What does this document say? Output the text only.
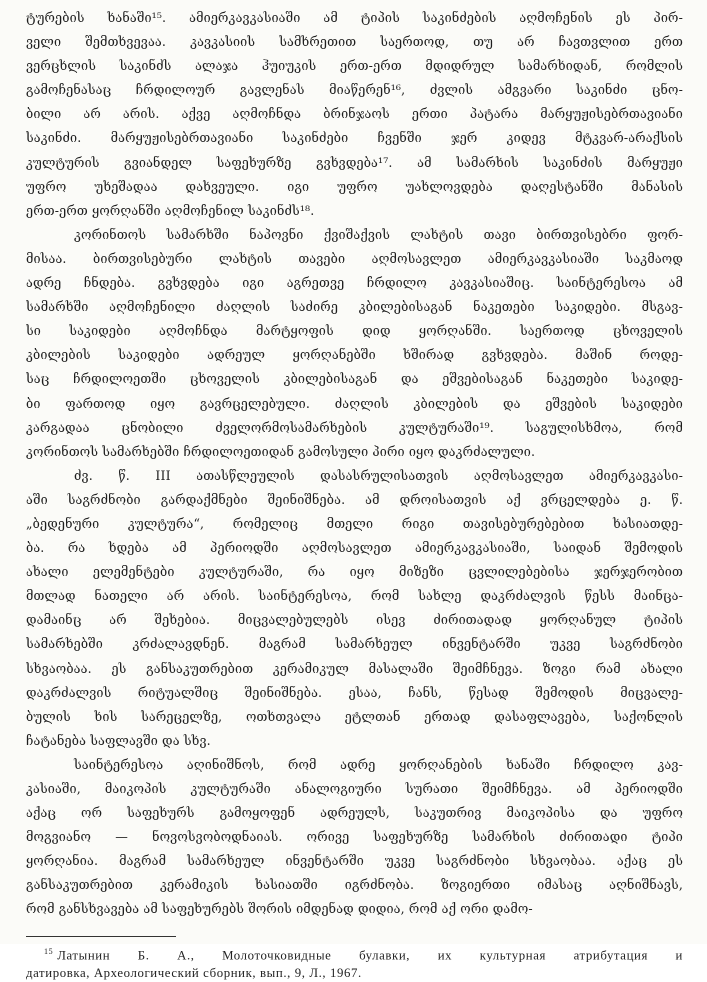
ტურების ხანაში¹⁵. ამიერკავკასიაში ამ ტიპის საკინძების აღმოჩენის ეს პირ-
ველი შემთხვევაა. კავკასიის სამხრეთით საერთოდ, თუ არ ჩავთვლით ერთ
ვერცხლის საკინძს ალაჯა ჰუიუკის ერთ-ერთ მდიდრულ სამარხიდან, რომლის
გამოჩენასაც ჩრდილოურ გავლენას მიაწერენ¹⁶, ძვლის ამგვარი საკინძი ცნო-
ბილი არ არის. აქვე აღმოჩნდა ბრინჯაოს ერთი პატარა მარყუჟისებრთავიანი
საკინძი. მარყუჟისებრთავიანი საკინძები ჩვენში ჯერ კიდევ მტკვარ-არაქსის
კულტურის გვიანდელ საფეხურზე გვხვდება¹⁷. ამ სამარხის საკინძის მარყუჟი
უფრო უხეშადაა დახვეული. იგი უფრო უახლოვდება დაღესტანში მანასის
ერთ-ერთ ყორღანში აღმოჩენილ საკინძს¹⁸.
კორინთოს სამარხში ნაპოვნი ქვიშაქვის ლახტის თავი ბირთვისებრი ფორ-
მისაა. ბირთვისებური ლახტის თავები აღმოსავლეთ ამიერკავკასიაში საკმაოდ
ადრე ჩნდება. გვხვდება იგი აგრეთვე ჩრდილო კავკასიაშიც. საინტერესოა ამ
სამარხში აღმოჩენილი ძაღლის საძირე კბილებისაგან ნაკეთები საკიდები. მსგავ-
სი საკიდები აღმოჩნდა მარტყოფის დიდ ყორღანში. საერთოდ ცხოველის
კბილების საკიდები ადრეულ ყორღანებში ხშირად გვხვდება. მაშინ როდე-
საც ჩრდილოეთში ცხოველის კბილებისაგან და ეშვებისაგან ნაკეთები საკიდე-
ბი ფართოდ იყო გავრცელებული. ძაღლის კბილების და ეშვების საკიდები
კარგადაა ცნობილი ძველორმოსამარხების კულტურაში¹⁹. საგულისხმოა, რომ
კორინთოს სამარხებში ჩრდილოეთიდან გამოსული პირი იყო დაკრძალული.
ძვ. წ. III ათასწლეულის დასასრულისათვის აღმოსავლეთ ამიერკავკასი-
აში საგრძნობი გარდაქმნები შეინიშნება. ამ დროისათვის აქ ვრცელდება ე. წ.
„ბედენური კულტურა“, რომელიც მთელი რიგი თავისებურებებით ხასიათდე-
ბა. რა ხდება ამ პერიოდში აღმოსავლეთ ამიერკავკასიაში, საიდან შემოდის
ახალი ელემენტები კულტურაში, რა იყო მიზეზი ცვლილებებისა ჯერჯერობით
მთლად ნათელი არ არის. საინტერესოა, რომ სახლე დაკრძალვის წესს მაინცა-
დამაინც არ შეხებია. მიცვალებულებს ისევ ძირითადად ყორღანულ ტიპის
სამარხებში კრძალავდნენ. მაგრამ სამარხეულ ინვენტარში უკვე საგრძნობი
სხვაობაა. ეს განსაკუთრებით კერამიკულ მასალაში შეიმჩნევა. ზოგი რამ ახალი
დაკრძალვის რიტუალშიც შეინიშნება. ესაა, ჩანს, წესად შემოდის მიცვალე-
ბულის ხის სარეცელზე, ოთხთვალა ეტლთან ერთად დასაფლავება, საქონლის
ჩატანება საფლავში და სხვ.
საინტერესოა აღინიშნოს, რომ ადრე ყორღანების ხანაში ჩრდილო კავ-
კასიაში, მაიკოპის კულტურაში ანალოგიური სურათი შეიმჩნევა. ამ პერიოდში
აქაც ორ საფეხურს გამოყოფენ ადრეულს, საკუთრივ მაიკოპისა და უფრო
მოგვიანო — ნოვოსვობოდნაიას. ორივე საფეხურზე სამარხის ძირითადი ტიპი
ყორღანია. მაგრამ სამარხეულ ინვენტარში უკვე საგრძნობი სხვაობაა. აქაც ეს
განსაკუთრებით კერამიკის ხასიათში იგრძნობა. ზოგიერთი იმასაც აღნიშნავს,
რომ განსხვავება ამ საფეხურებს შორის იმდენად დიდია, რომ აქ ორი დამო-
$^{15}$ Латынин Б. А., Молоточковидные булавки, их культурная атрибутация и
датировка, Археологический сборник, вып., 9, Л., 1967.
